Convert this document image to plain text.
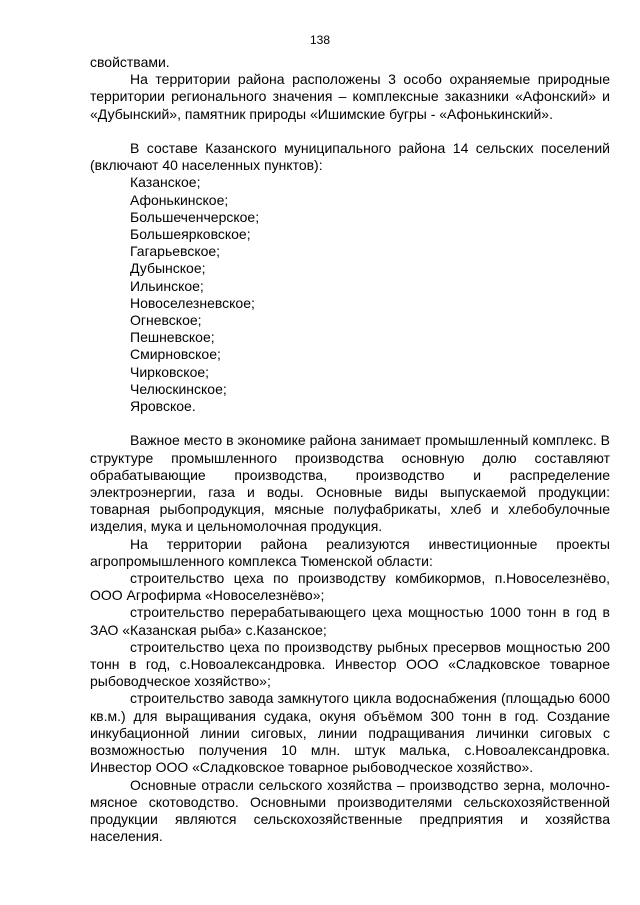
138

свойствами.

На территории района расположены 3 особо охраняемые природные территории регионального значения – комплексные заказники «Афонский» и «Дубынский», памятник природы «Ишимские бугры - «Афонькинский».

В составе Казанского муниципального района 14 сельских поселений (включают 40 населенных пунктов):

Казанское;
Афонькинское;
Большеченчерское;
Большеярковское;
Гагарьевское;
Дубынское;
Ильинское;
Новоселезневское;
Огневское;
Пешневское;
Смирновское;
Чирковское;
Челюскинское;
Яровское.

Важное место в экономике района занимает промышленный комплекс. В структуре промышленного производства основную долю составляют обрабатывающие производства, производство и распределение электроэнергии, газа и воды. Основные виды выпускаемой продукции: товарная рыбопродукция, мясные полуфабрикаты, хлеб и хлебобулочные изделия, мука и цельномолочная продукция.

На территории района реализуются инвестиционные проекты агропромышленного комплекса Тюменской области:

строительство цеха по производству комбикормов, п.Новоселезнёво, ООО Агрофирма «Новоселезнёво»;

строительство перерабатывающего цеха мощностью 1000 тонн в год в ЗАО «Казанская рыба» с.Казанское;

строительство цеха по производству рыбных пресервов мощностью 200 тонн в год, с.Новоалександровка. Инвестор ООО «Сладковское товарное рыбоводческое хозяйство»;

строительство завода замкнутого цикла водоснабжения (площадью 6000 кв.м.) для выращивания судака, окуня объёмом 300 тонн в год. Создание инкубационной линии сиговых, линии подращивания личинки сиговых с возможностью получения 10 млн. штук малька, с.Новоалександровка. Инвестор ООО «Сладковское товарное рыбоводческое хозяйство».

Основные отрасли сельского хозяйства – производство зерна, молочно-мясное скотоводство. Основными производителями сельскохозяйственной продукции являются сельскохозяйственные предприятия и хозяйства населения.
